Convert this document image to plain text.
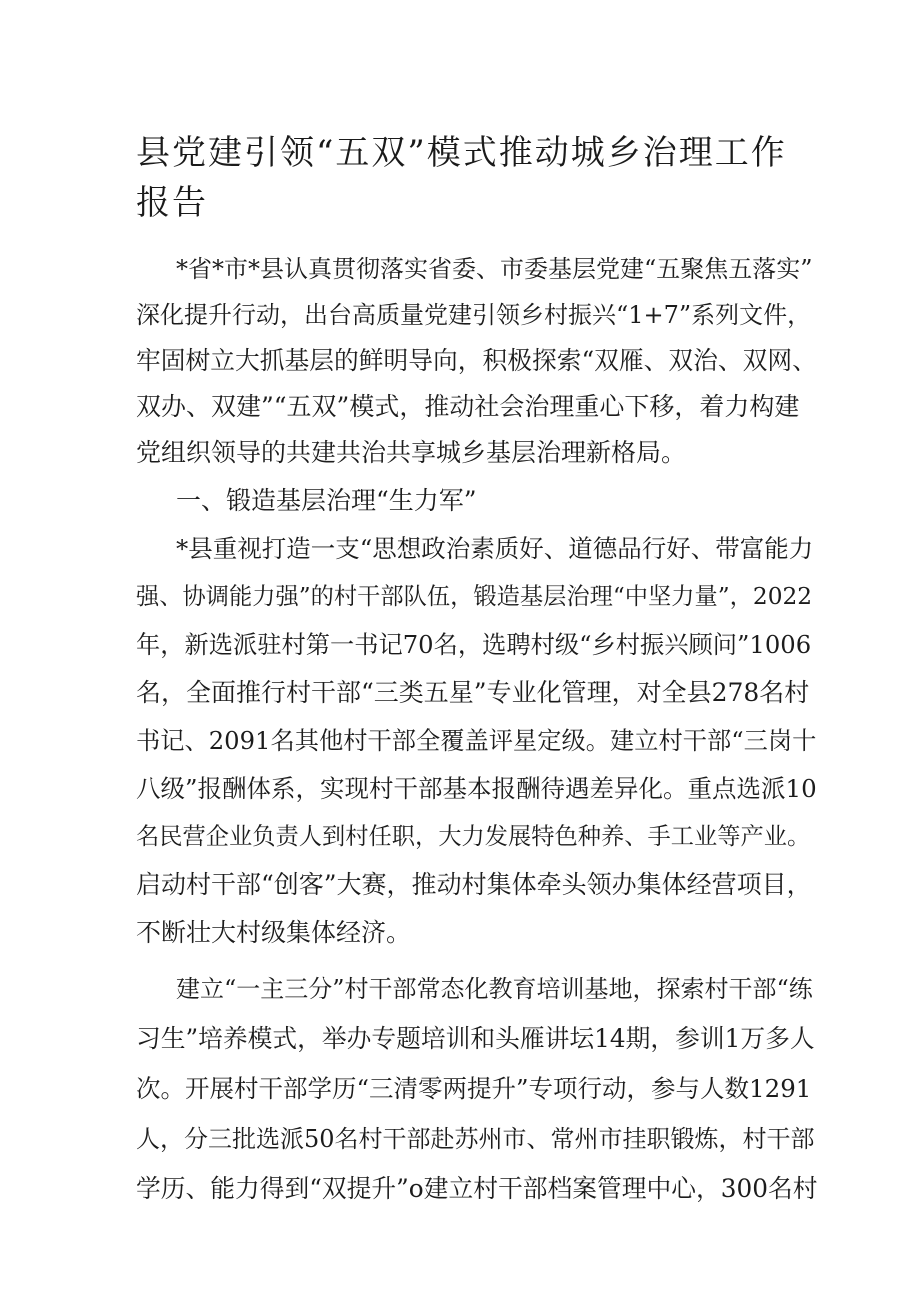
县党建引领“五双”模式推动城乡治理工作报告
*省*市*县认真贯彻落实省委、市委基层党建“五聚焦五落实”
深化提升行动，出台高质量党建引领乡村振兴“1+7”系列文件，
牢固树立大抓基层的鲜明导向，积极探索“双雁、双治、双网、
双办、双建”“五双”模式，推动社会治理重心下移，着力构建
党组织领导的共建共治共享城乡基层治理新格局。
一、锻造基层治理“生力军”
*县重视打造一支“思想政治素质好、道德品行好、带富能力
强、协调能力强”的村干部队伍，锻造基层治理“中坚力量”，2022
年，新选派驻村第一书记70名，选聘村级“乡村振兴顾问”1006
名，全面推行村干部“三类五星”专业化管理，对全县278名村
书记、2091名其他村干部全覆盖评星定级。建立村干部“三岗十
八级”报酬体系，实现村干部基本报酬待遇差异化。重点选派10
名民营企业负责人到村任职，大力发展特色种养、手工业等产业。
启动村干部“创客”大赛，推动村集体牵头领办集体经营项目，
不断壮大村级集体经济。
建立“一主三分”村干部常态化教育培训基地，探索村干部“练
习生”培养模式，举办专题培训和头雁讲坛14期，参训1万多人
次。开展村干部学历“三清零两提升”专项行动，参与人数1291
人，分三批选派50名村干部赴苏州市、常州市挂职锻炼，村干部
学历、能力得到“双提升”o建立村干部档案管理中心，300名村
